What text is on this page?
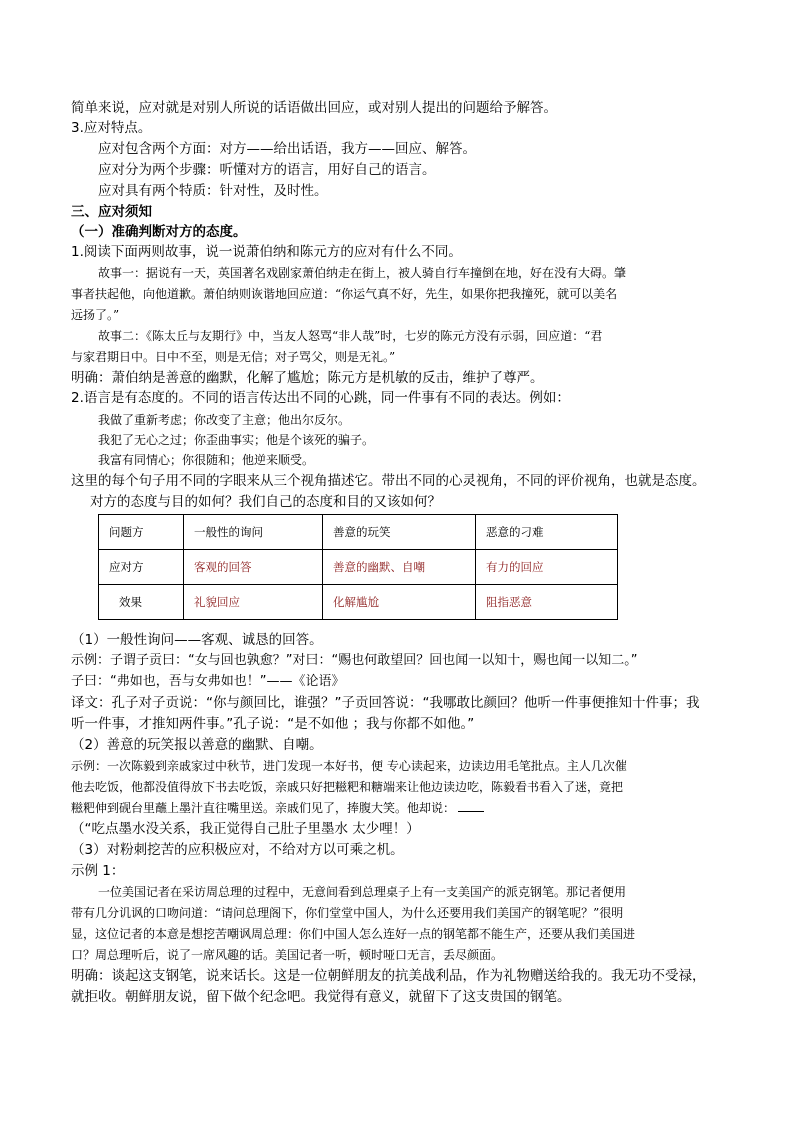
简单来说，应对就是对别人所说的话语做出回应，或对别人提出的问题给予解答。
3.应对特点。
应对包含两个方面：对方——给出话语，我方——回应、解答。
应对分为两个步骤：听懂对方的语言，用好自己的语言。
应对具有两个特质：针对性，及时性。
三、应对须知
（一）准确判断对方的态度。
1.阅读下面两则故事，说一说萧伯纳和陈元方的应对有什么不同。
故事一：据说有一天，英国著名戏剧家萧伯纳走在街上，被人骑自行车撞倒在地，好在没有大碍。肇
事者扶起他，向他道歉。萧伯纳则诙谐地回应道：“你运气真不好，先生，如果你把我撞死，就可以美名
远扬了。”
故事二：《陈太丘与友期行》中，当友人怒骂“非人哉”时，七岁的陈元方没有示弱，回应道：“君
与家君期日中。日中不至，则是无信；对子骂父，则是无礼。”
明确：萧伯纳是善意的幽默，化解了尴尬；陈元方是机敏的反击，维护了尊严。
2.语言是有态度的。不同的语言传达出不同的心跳，同一件事有不同的表达。例如：
我做了重新考虑；你改变了主意；他出尔反尔。
我犯了无心之过；你歪曲事实；他是个该死的骗子。
我富有同情心；你很随和；他逆来顺受。
这里的每个句子用不同的字眼来从三个视角描述它。带出不同的心灵视角，不同的评价视角，也就是态度。
对方的态度与目的如何？我们自己的态度和目的又该如何？
问题方	一般性的询问	善意的玩笑	恶意的刁难
应对方	客观的回答	善意的幽默、自嘲	有力的回应
效果	礼貌回应	化解尴尬	阻指恶意
（1）一般性询问——客观、诚恳的回答。
示例：子谓子贡曰：“女与回也孰愈？”对曰：“赐也何敢望回？回也闻一以知十，赐也闻一以知二。”
子曰：“弗如也，吾与女弗如也！”——《论语》
译文：孔子对子贡说：“你与颜回比，谁强？”子贡回答说：“我哪敢比颜回？他听一件事便推知十件事；我
听一件事，才推知两件事。”孔子说：“是不如他 ；我与你都不如他。”
（2）善意的玩笑报以善意的幽默、自嘲。
示例：一次陈毅到亲戚家过中秋节，进门发现一本好书，便 专心读起来，边读边用毛笔批点。主人几次催
他去吃饭，他都没值得放下书去吃饭，亲戚只好把糍粑和糖端来让他边读边吃，陈毅看书看入了迷，竟把
糍粑伸到砚台里蘸上墨汁直往嘴里送。亲戚们见了，捧腹大笑。他却说：
（“吃点墨水没关系，我正觉得自己肚子里墨水 太少哩！）
（3）对粉刺挖苦的应积极应对，不给对方以可乘之机。
示例 1：
一位美国记者在采访周总理的过程中，无意间看到总理桌子上有一支美国产的派克钢笔。那记者便用
带有几分讥讽的口吻问道：“请问总理阁下，你们堂堂中国人，为什么还要用我们美国产的钢笔呢？”很明
显，这位记者的本意是想挖苦嘲讽周总理：你们中国人怎么连好一点的钢笔都不能生产，还要从我们美国进
口？周总理听后，说了一席风趣的话。美国记者一听，顿时哑口无言，丢尽颜面。
明确：谈起这支钢笔，说来话长。这是一位朝鲜朋友的抗美战利品，作为礼物赠送给我的。我无功不受禄，
就拒收。朝鲜朋友说，留下做个纪念吧。我觉得有意义，就留下了这支贵国的钢笔。
